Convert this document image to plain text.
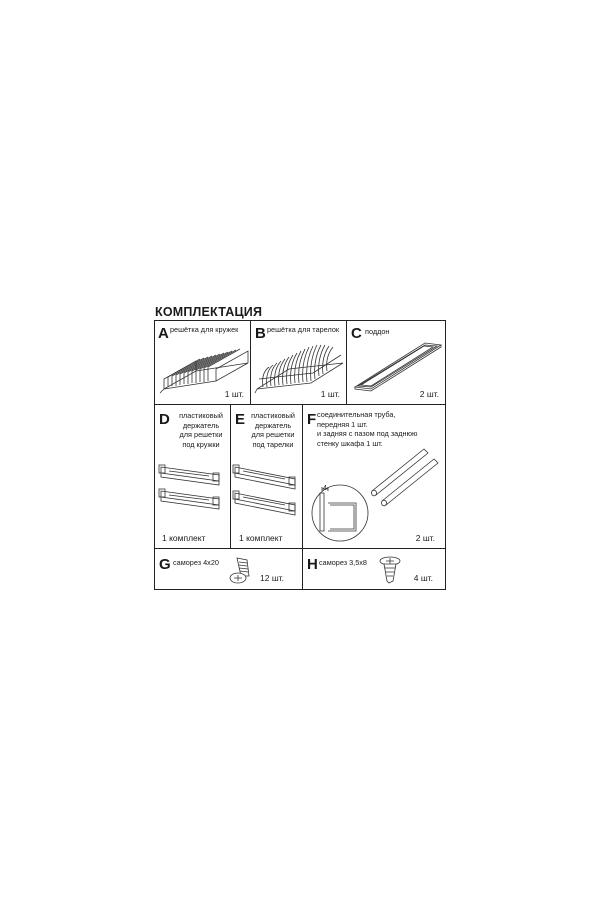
КОМПЛЕКТАЦИЯ
A решётка для кружек
1 шт.
B решётка для тарелок
1 шт.
C поддон
2 шт.
D	пластиковый
держатель
для решетки
под кружки
1 комплект
E пластиковый
держатель
для решетки
под тарелки
1 комплект
F соединительная труба,
передняя 1 шт.
и задняя с пазом под заднюю
стенку шкафа 1 шт.
4
2 шт.
G саморез 4x20
12 шт.
H саморез 3,5x8
4 шт.
